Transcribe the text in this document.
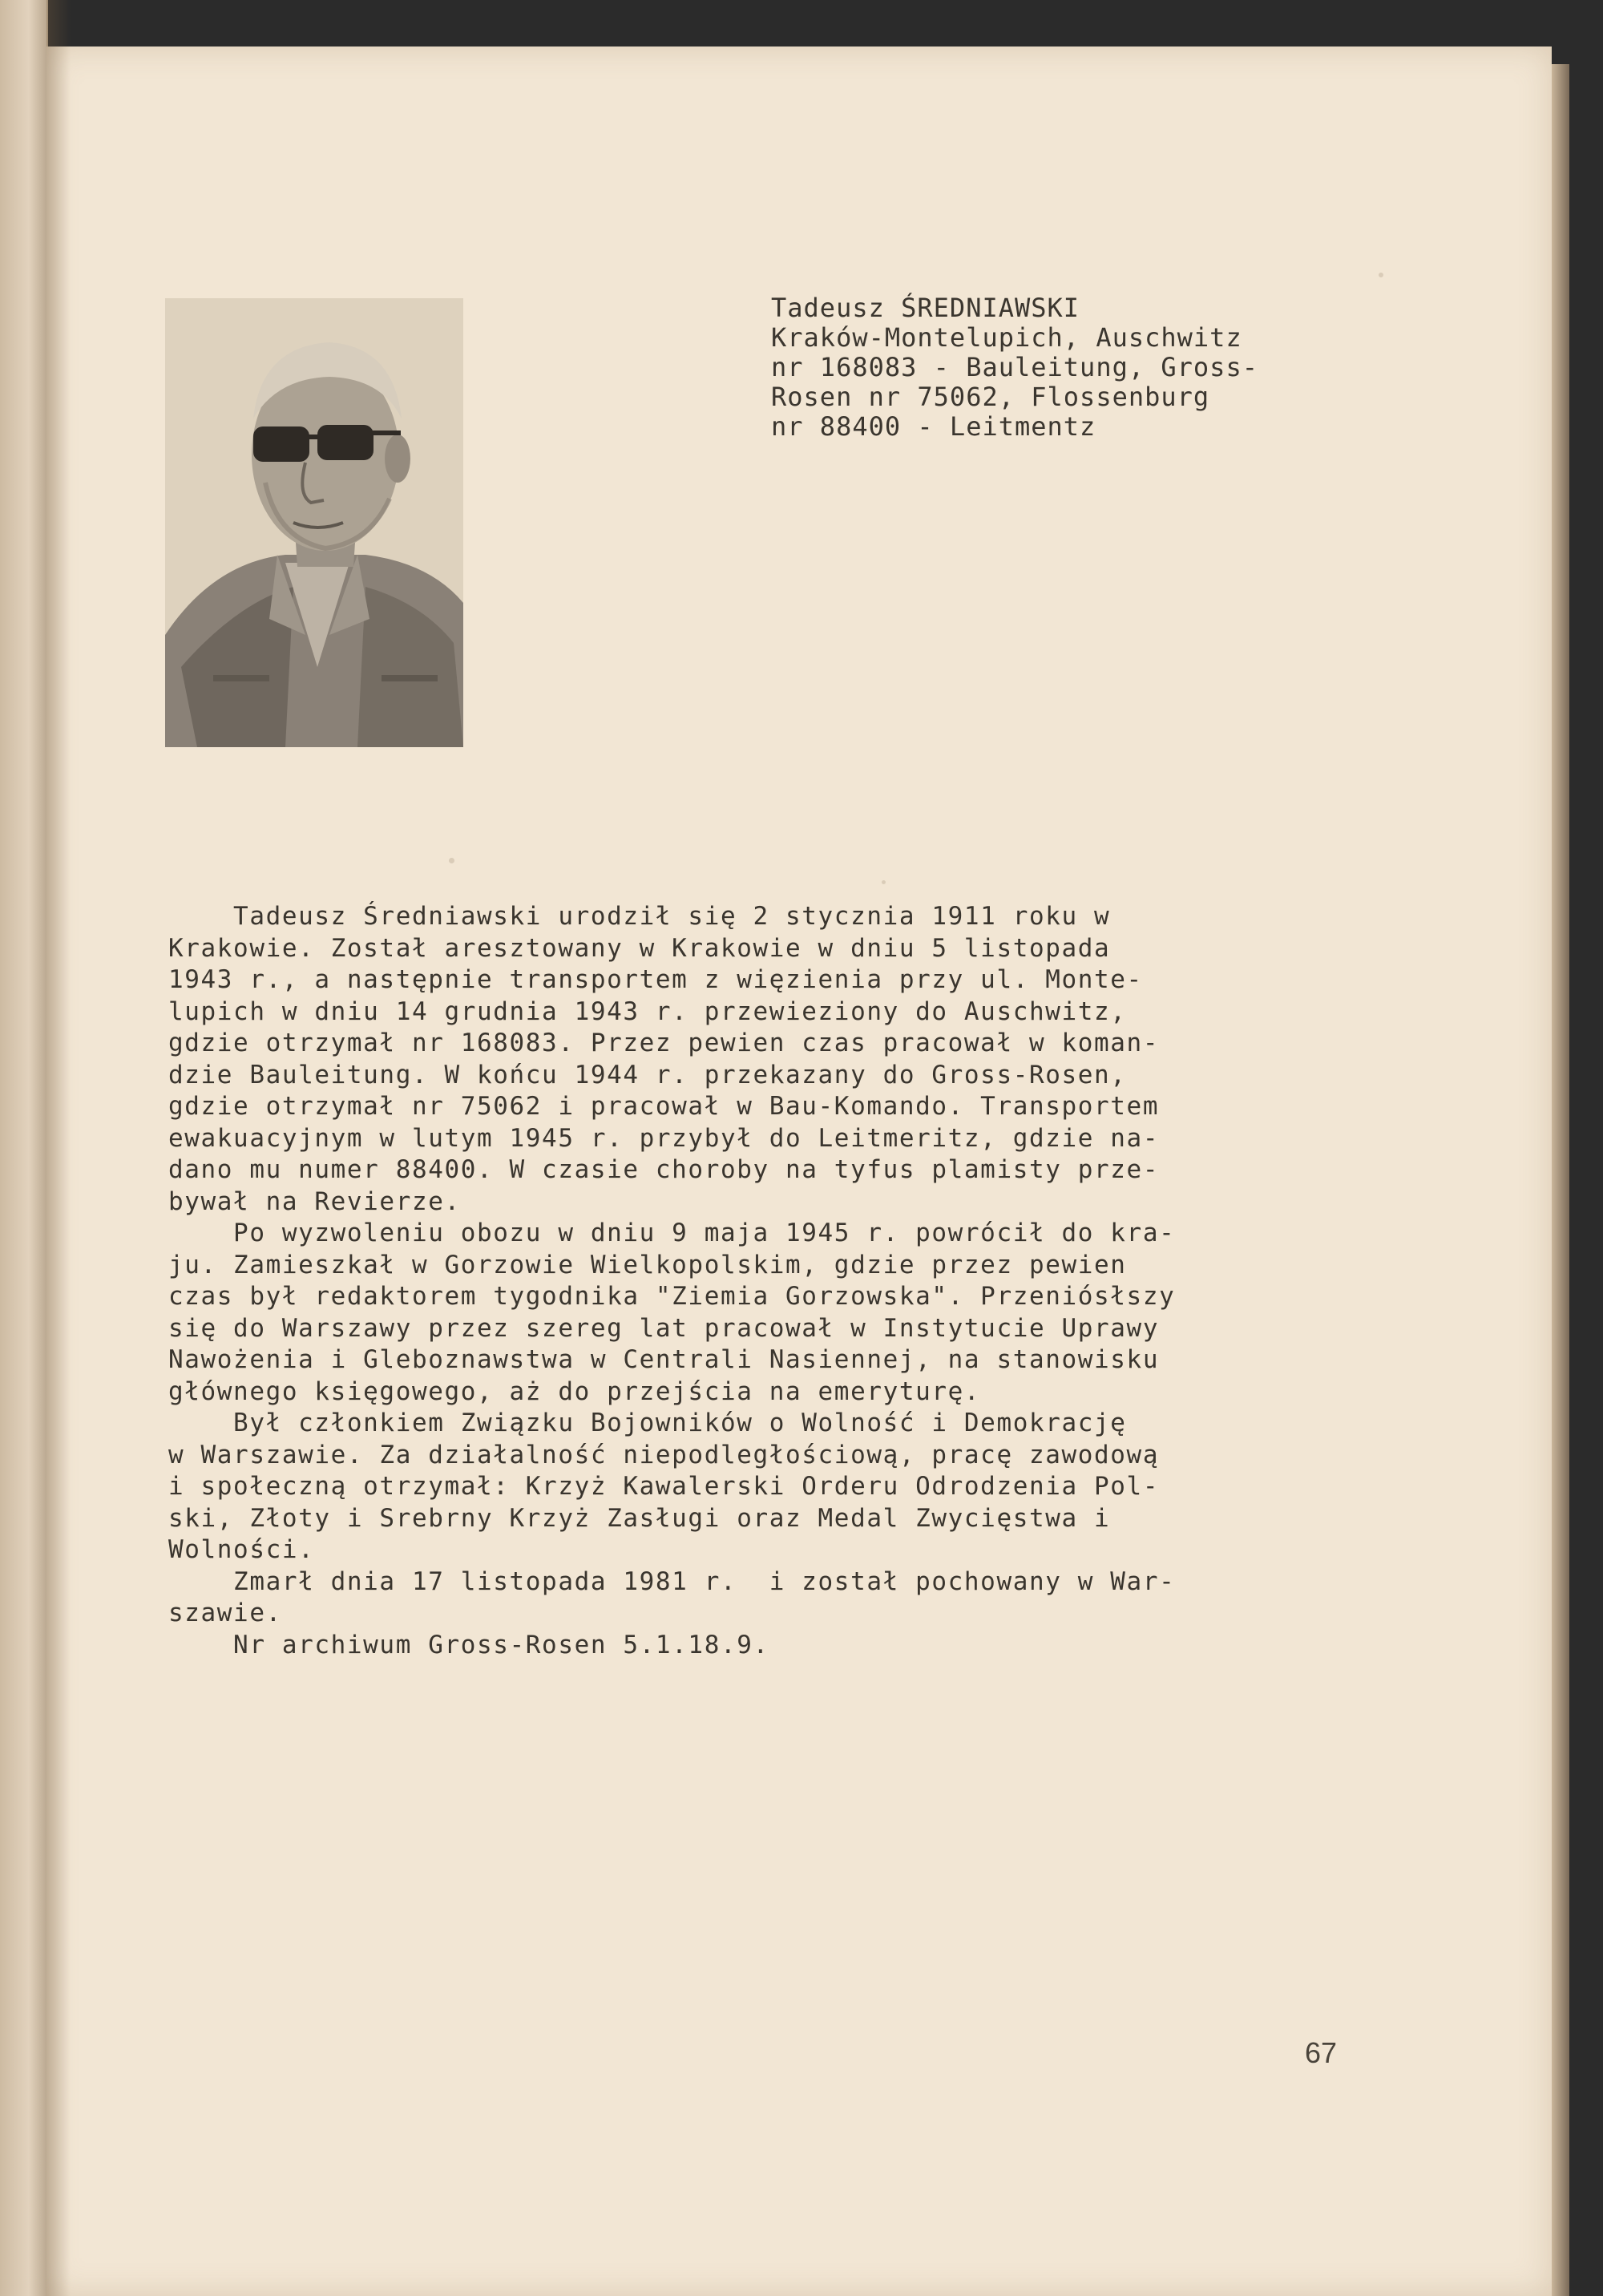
Tadeusz ŚREDNIAWSKI
Kraków-Montelupich, Auschwitz
nr 168083 - Bauleitung, Gross-
Rosen nr 75062, Flossenburg
nr 88400 - Leitmentz
Tadeusz Średniawski urodził się 2 stycznia 1911 roku w
Krakowie. Został aresztowany w Krakowie w dniu 5 listopada
1943 r., a następnie transportem z więzienia przy ul. Monte-
lupich w dniu 14 grudnia 1943 r. przewieziony do Auschwitz,
gdzie otrzymał nr 168083. Przez pewien czas pracował w koman-
dzie Bauleitung. W końcu 1944 r. przekazany do Gross-Rosen,
gdzie otrzymał nr 75062 i pracował w Bau-Komando. Transportem
ewakuacyjnym w lutym 1945 r. przybył do Leitmeritz, gdzie na-
dano mu numer 88400. W czasie choroby na tyfus plamisty prze-
bywał na Revierze.
Po wyzwoleniu obozu w dniu 9 maja 1945 r. powrócił do kra-
ju. Zamieszkał w Gorzowie Wielkopolskim, gdzie przez pewien
czas był redaktorem tygodnika "Ziemia Gorzowska". Przeniósłszy
się do Warszawy przez szereg lat pracował w Instytucie Uprawy
Nawożenia i Gleboznawstwa w Centrali Nasiennej, na stanowisku
głównego księgowego, aż do przejścia na emeryturę.
Był członkiem Związku Bojowników o Wolność i Demokrację
w Warszawie. Za działalność niepodległościową, pracę zawodową
i społeczną otrzymał: Krzyż Kawalerski Orderu Odrodzenia Pol-
ski, Złoty i Srebrny Krzyż Zasługi oraz Medal Zwycięstwa i
Wolności.
Zmarł dnia 17 listopada 1981 r.  i został pochowany w War-
szawie.
Nr archiwum Gross-Rosen 5.1.18.9.
67
